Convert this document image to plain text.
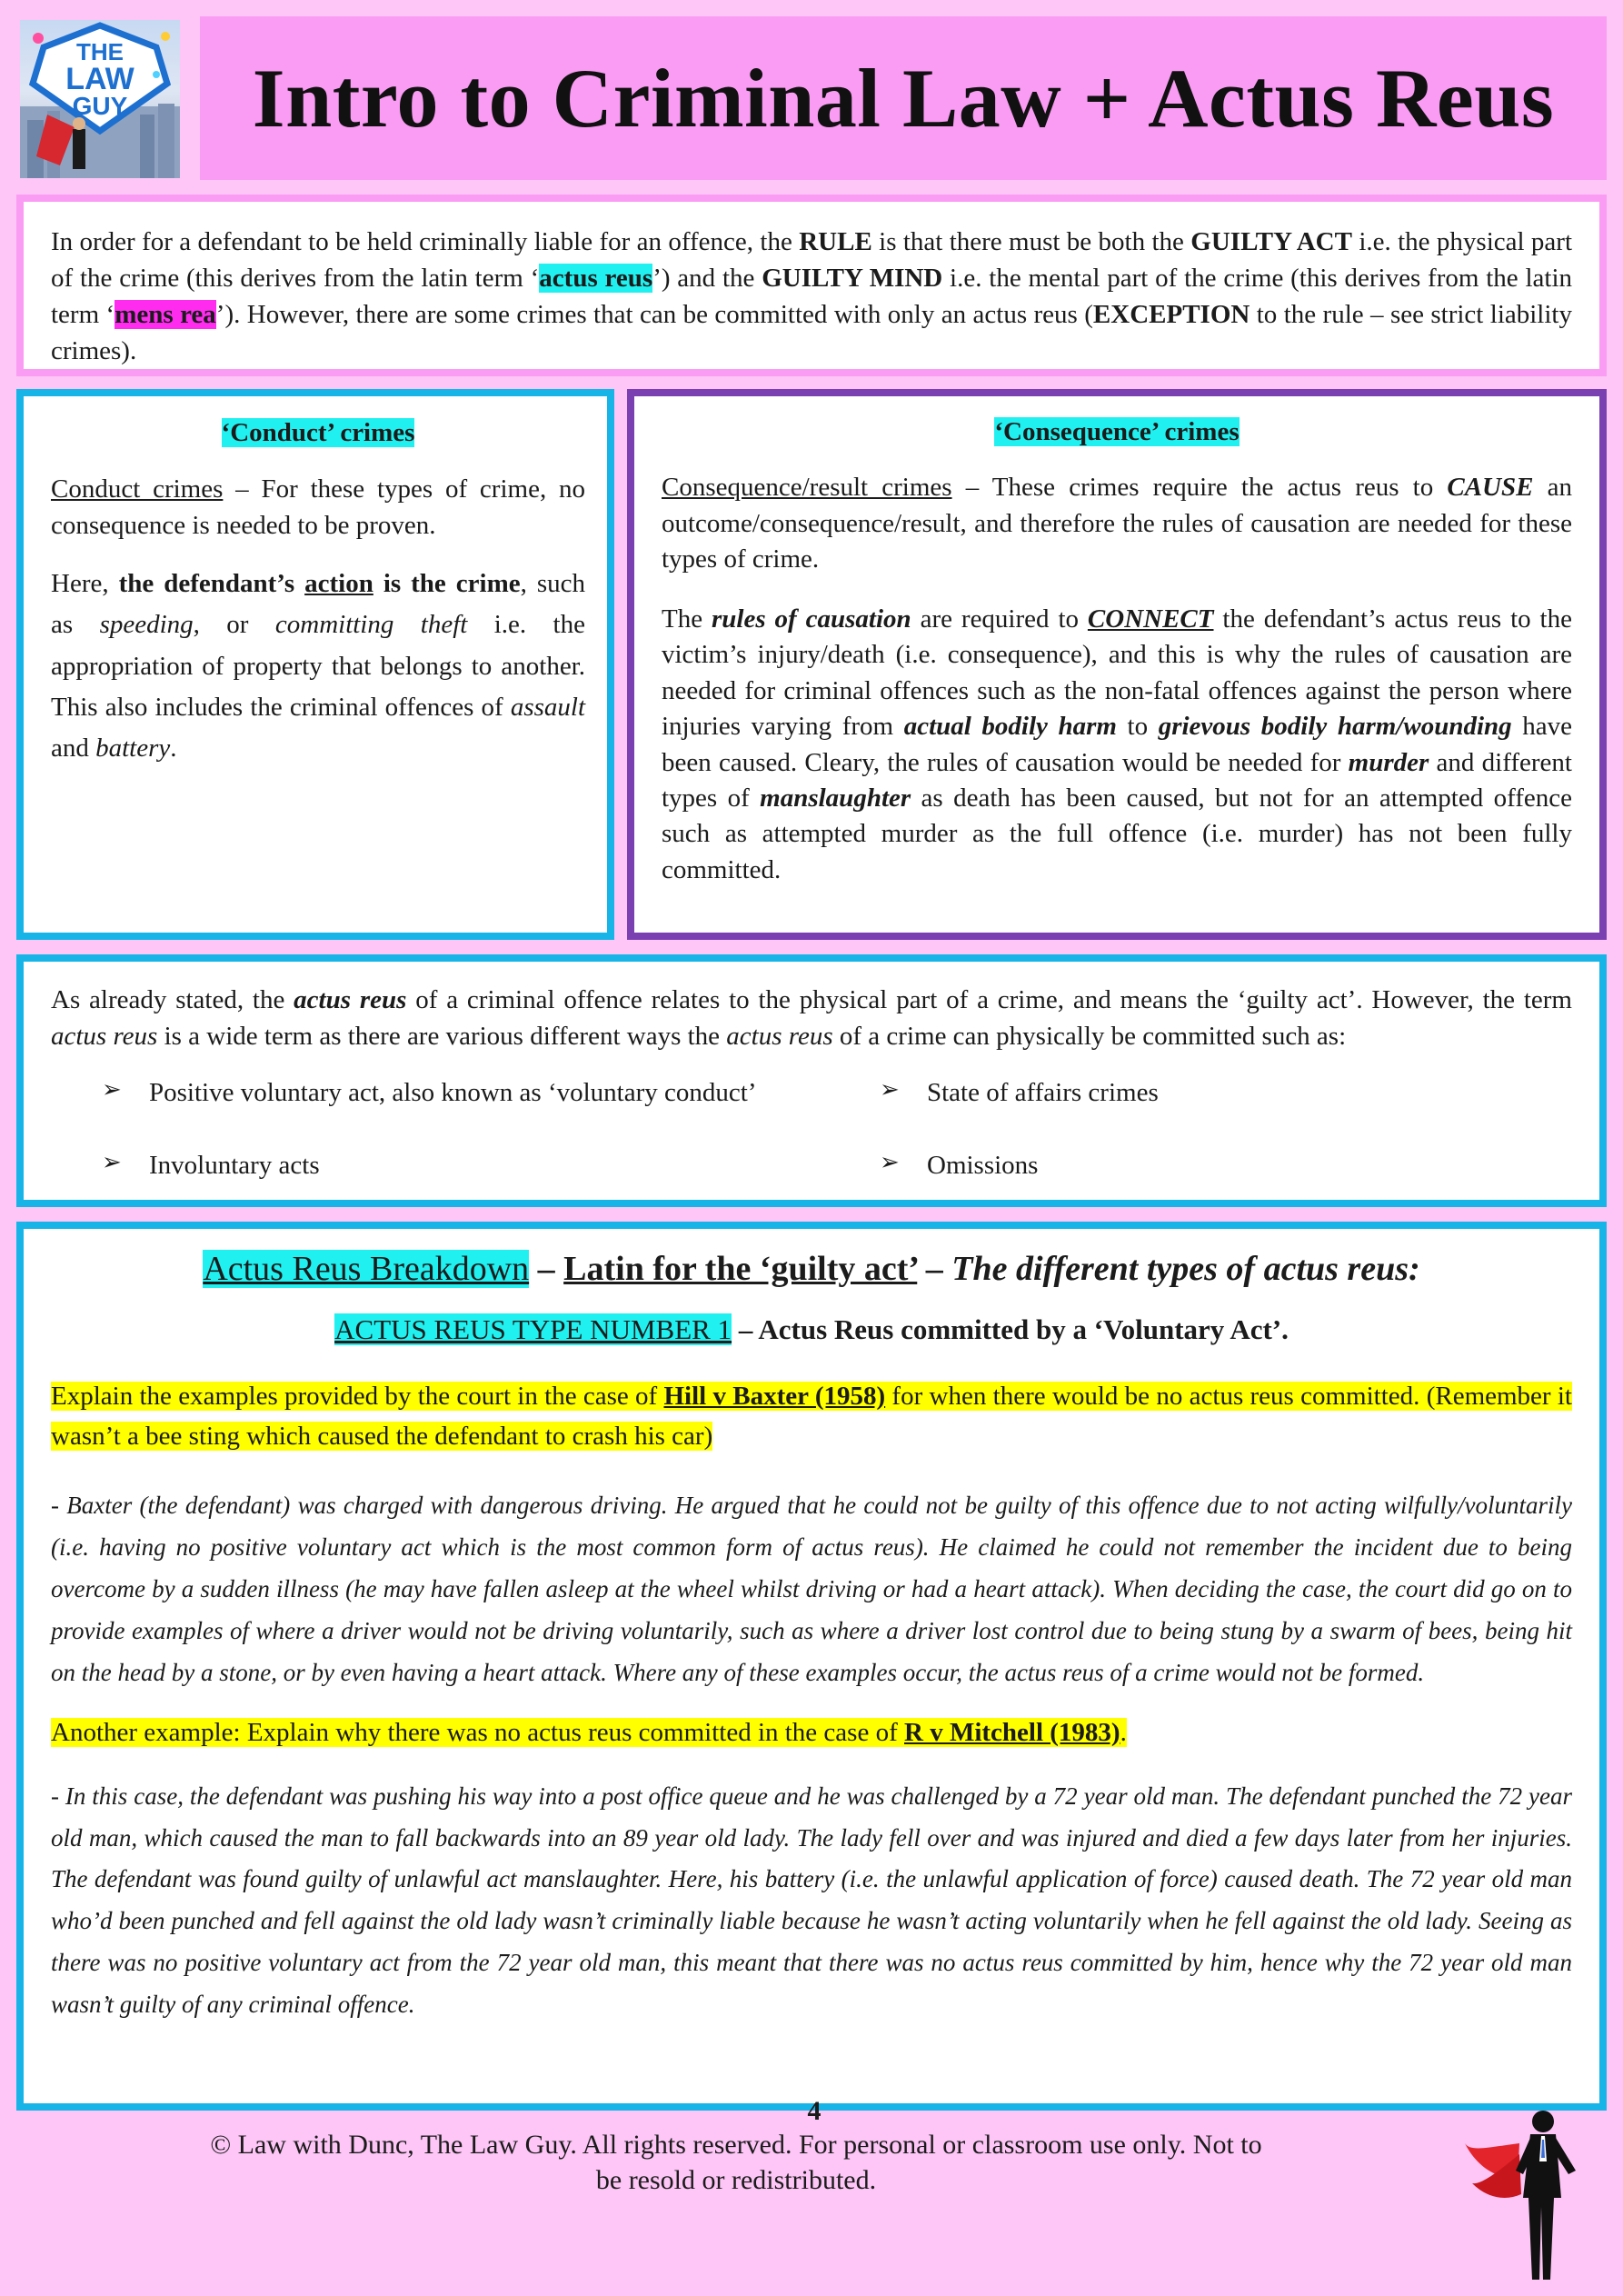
THE
LAW
GUY Intro to Criminal Law + Actus Reus

In order for a defendant to be held criminally liable for an offence, the RULE is that there must be both the GUILTY ACT i.e. the physical part of the crime (this derives from the latin term ‘actus reus’) and the GUILTY MIND i.e. the mental part of the crime (this derives from the latin term ‘mens rea’). However, there are some crimes that can be committed with only an actus reus (EXCEPTION to the rule – see strict liability crimes).

‘Conduct’ crimes

Conduct crimes – For these types of crime, no consequence is needed to be proven.

Here, the defendant’s action is the crime, such as speeding, or committing theft i.e. the appropriation of property that belongs to another. This also includes the criminal offences of assault and battery.

‘Consequence’ crimes

Consequence/result crimes – These crimes require the actus reus to CAUSE an outcome/consequence/result, and therefore the rules of causation are needed for these types of crime.

The rules of causation are required to CONNECT the defendant’s actus reus to the victim’s injury/death (i.e. consequence), and this is why the rules of causation are needed for criminal offences such as the non-fatal offences against the person where injuries varying from actual bodily harm to grievous bodily harm/wounding have been caused. Cleary, the rules of causation would be needed for murder and different types of manslaughter as death has been caused, but not for an attempted offence such as attempted murder as the full offence (i.e. murder) has not been fully committed.

As already stated, the actus reus of a criminal offence relates to the physical part of a crime, and means the ‘guilty act’. However, the term actus reus is a wide term as there are various different ways the actus reus of a crime can physically be committed such as:

➢	Positive voluntary act, also known as ‘voluntary conduct’	➢	State of affairs crimes
➢	Involuntary acts	➢	Omissions

Actus Reus Breakdown – Latin for the ‘guilty act’ – The different types of actus reus:

ACTUS REUS TYPE NUMBER 1 – Actus Reus committed by a ‘Voluntary Act’.

Explain the examples provided by the court in the case of Hill v Baxter (1958) for when there would be no actus reus committed. (Remember it wasn’t a bee sting which caused the defendant to crash his car)

- Baxter (the defendant) was charged with dangerous driving. He argued that he could not be guilty of this offence due to not acting wilfully/voluntarily (i.e. having no positive voluntary act which is the most common form of actus reus). He claimed he could not remember the incident due to being overcome by a sudden illness (he may have fallen asleep at the wheel whilst driving or had a heart attack). When deciding the case, the court did go on to provide examples of where a driver would not be driving voluntarily, such as where a driver lost control due to being stung by a swarm of bees, being hit on the head by a stone, or by even having a heart attack. Where any of these examples occur, the actus reus of a crime would not be formed.

Another example: Explain why there was no actus reus committed in the case of R v Mitchell (1983).

- In this case, the defendant was pushing his way into a post office queue and he was challenged by a 72 year old man. The defendant punched the 72 year old man, which caused the man to fall backwards into an 89 year old lady. The lady fell over and was injured and died a few days later from her injuries. The defendant was found guilty of unlawful act manslaughter. Here, his battery (i.e. the unlawful application of force) caused death. The 72 year old man who’d been punched and fell against the old lady wasn’t criminally liable because he wasn’t acting voluntarily when he fell against the old lady. Seeing as there was no positive voluntary act from the 72 year old man, this meant that there was no actus reus committed by him, hence why the 72 year old man wasn’t guilty of any criminal offence.

4
© Law with Dunc, The Law Guy. All rights reserved. For personal or classroom use only. Not to be resold or redistributed.
